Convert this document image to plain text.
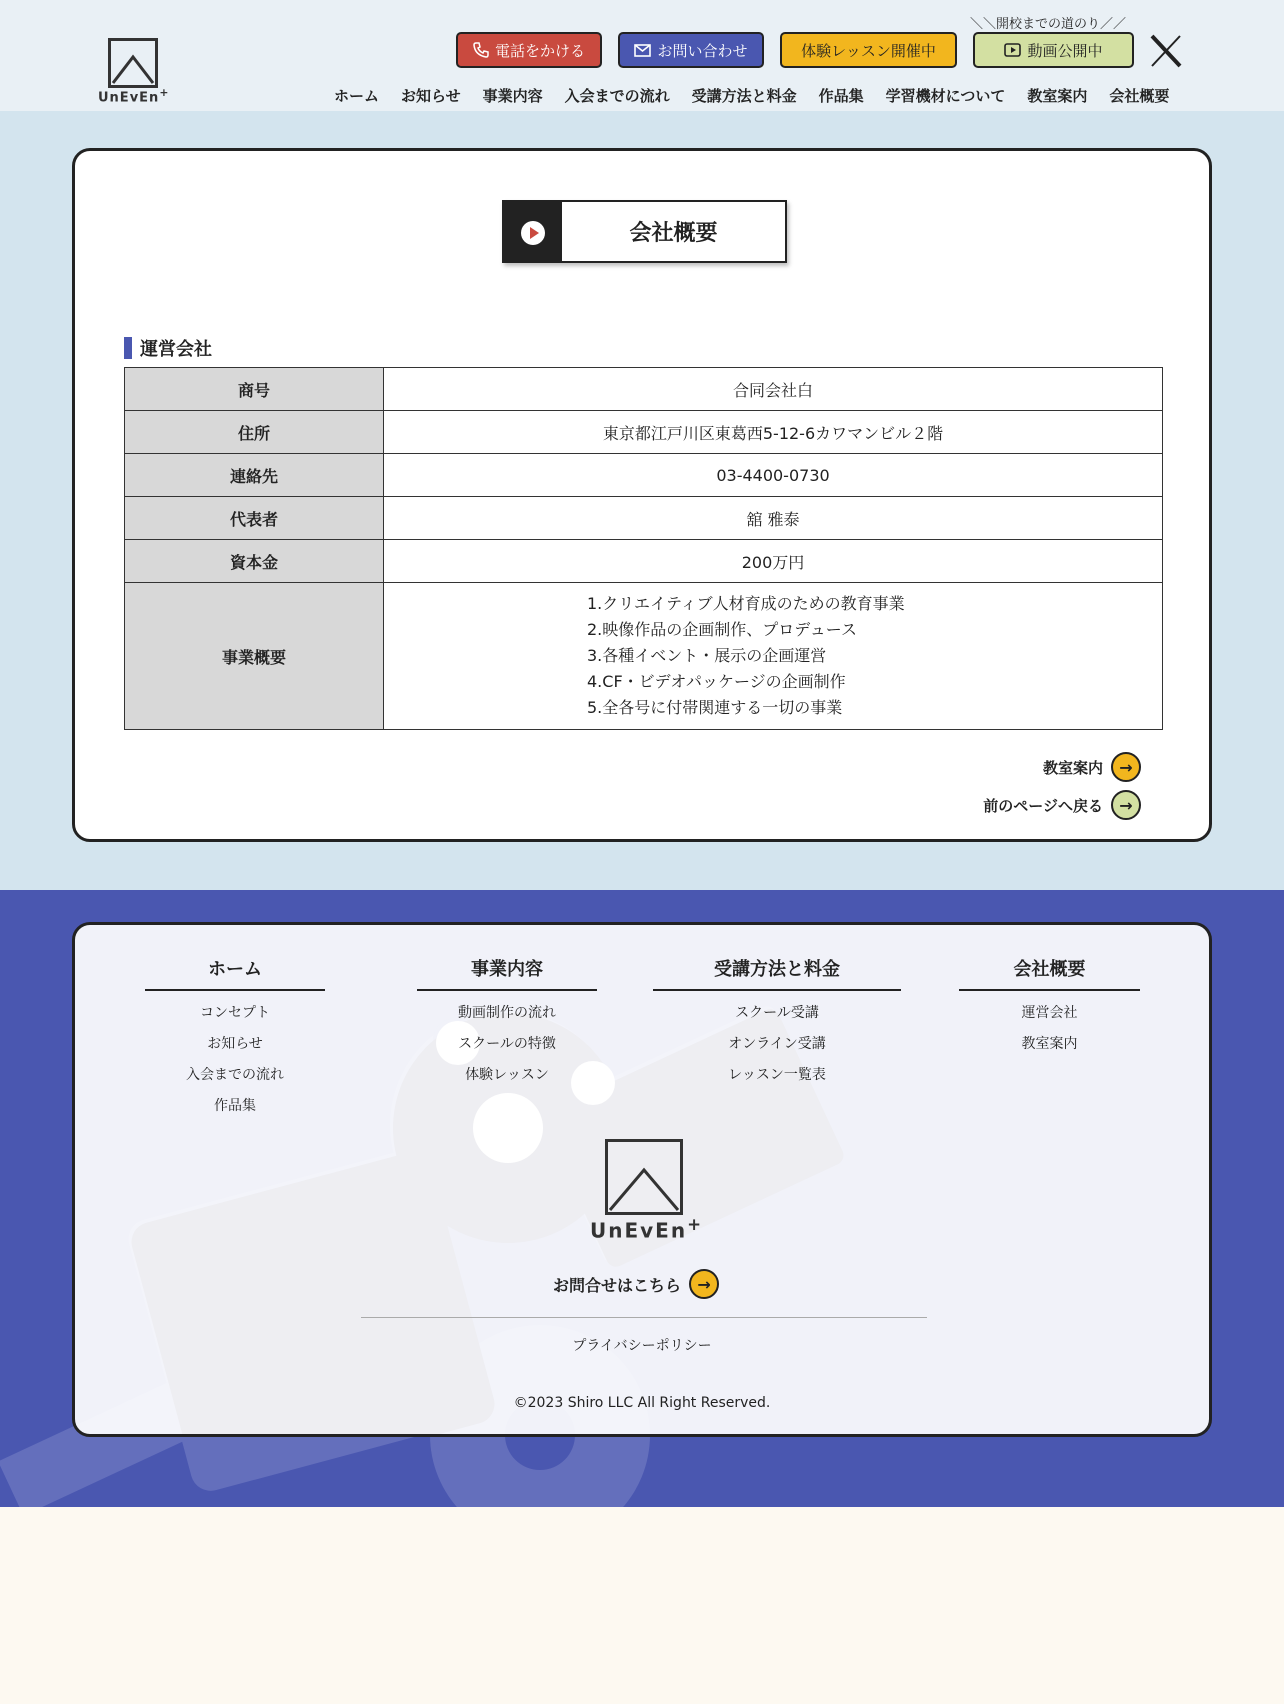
UnEvEn+
＼＼開校までの道のり／／
電話をかける	お問い合わせ	体験レッスン開催中	動画公開中
ホーム お知らせ 事業内容 入会までの流れ 受講方法と料金 作品集 学習機材について 教室案内 会社概要
会社概要
運営会社
商号	合同会社白
住所	東京都江戸川区東葛西5-12-6カワマンビル２階
連絡先	03-4400-0730
代表者	舘 雅泰
資本金	200万円
事業概要	1.クリエイティブ人材育成のための教育事業
2.映像作品の企画制作、プロデュース
3.各種イベント・展示の企画運営
4.CF・ビデオパッケージの企画制作
5.全各号に付帯関連する一切の事業
教室案内	→
前のページへ戻る	→
ホーム
コンセプト
お知らせ
入会までの流れ
作品集
事業内容
動画制作の流れ
スクールの特徴
体験レッスン
受講方法と料金
スクール受講
オンライン受講
レッスン一覧表
会社概要
運営会社
教室案内
UnEvEn+
お問合せはこちら	→
プライバシーポリシー
©2023 Shiro LLC All Right Reserved.
